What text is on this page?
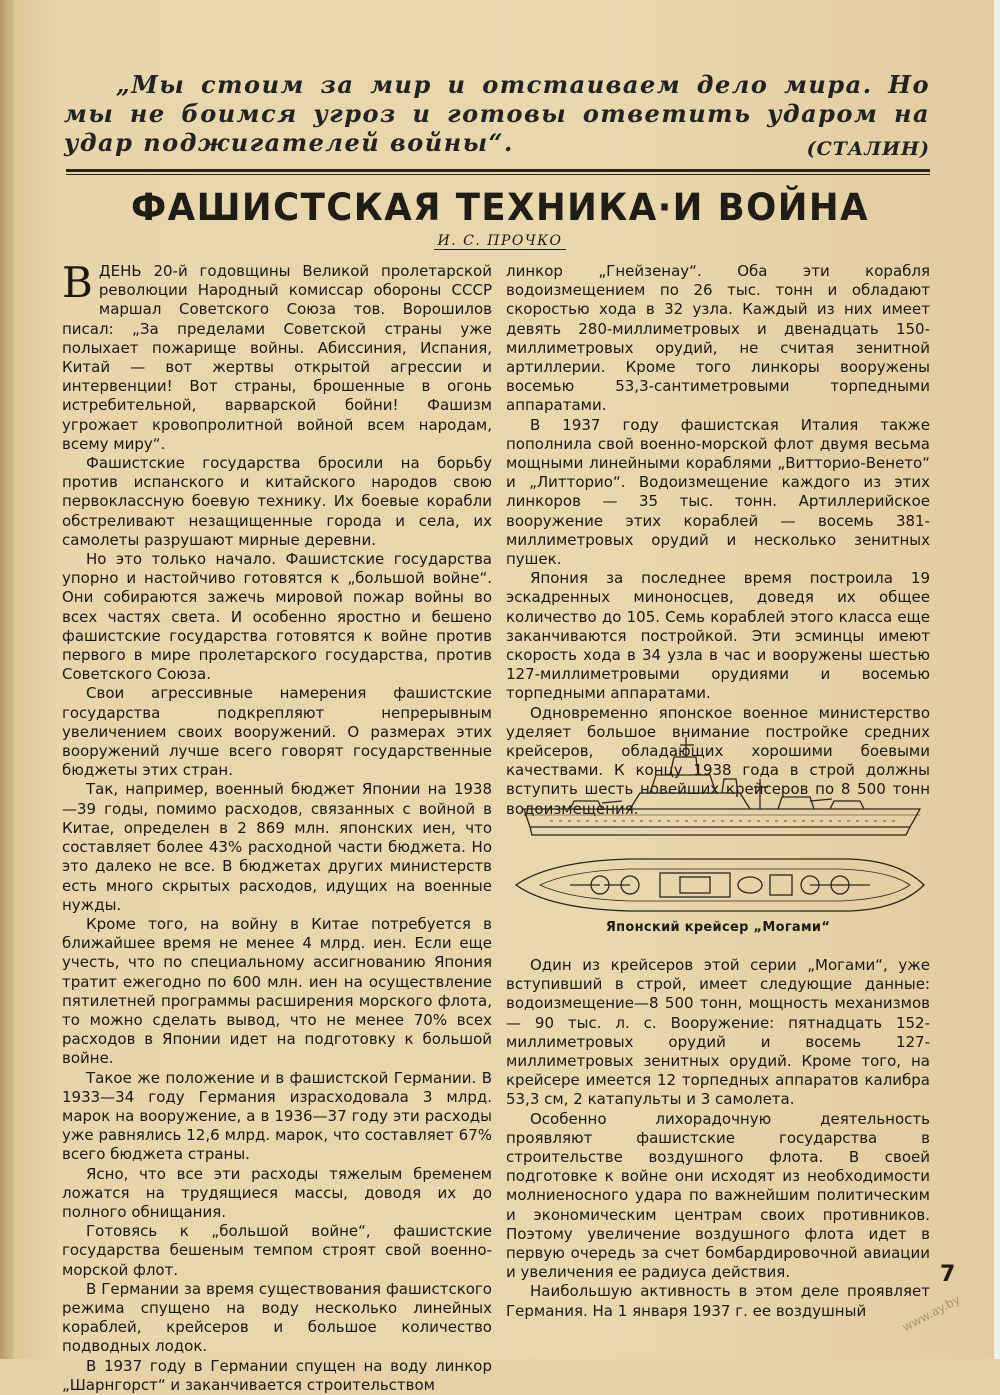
„Мы стоим за мир и отстаиваем дело мира. Но мы не боимся угроз и готовы ответить ударом на удар поджигателей войны“.	(СТАЛИН)
ФАШИСТСКАЯ ТЕХНИКА·И ВОЙНА
И. С. ПРОЧКО

ВДЕНЬ 20-й годовщины Великой пролетарской революции Народный комиссар обороны СССР маршал Советского Союза тов. Ворошилов писал: „За пределами Советской страны уже полыхает пожарище войны. Абиссиния, Испания, Китай — вот жертвы открытой агрессии и интервенции! Вот страны, брошенные в огонь истребительной, варварской бойни! Фашизм угрожает кровопролитной войной всем народам, всему миру“.

Фашистские государства бросили на борьбу против испанского и китайского народов свою первоклассную боевую технику. Их боевые корабли обстреливают незащищенные города и села, их самолеты разрушают мирные деревни.

Но это только начало. Фашистские государства упорно и настойчиво готовятся к „большой войне“. Они собираются зажечь мировой пожар войны во всех частях света. И особенно яростно и бешено фашистские государства готовятся к войне против первого в мире пролетарского государства, против Советского Союза.

Свои агрессивные намерения фашистские государства подкрепляют непрерывным увеличением своих вооружений. О размерах этих вооружений лучше всего говорят государственные бюджеты этих стран.

Так, например, военный бюджет Японии на 1938—39 годы, помимо расходов, связанных с войной в Китае, определен в 2 869 млн. японских иен, что составляет более 43% расходной части бюджета. Но это далеко не все. В бюджетах других министерств есть много скрытых расходов, идущих на военные нужды.

Кроме того, на войну в Китае потребуется в ближайшее время не менее 4 млрд. иен. Если еще учесть, что по специальному ассигнованию Япония тратит ежегодно по 600 млн. иен на осуществление пятилетней программы расширения морского флота, то можно сделать вывод, что не менее 70% всех расходов в Японии идет на подготовку к большой войне.

Такое же положение и в фашистской Германии. В 1933—34 году Германия израсходовала 3 млрд. марок на вооружение, а в 1936—37 году эти расходы уже равнялись 12,6 млрд. марок, что составляет 67% всего бюджета страны.

Ясно, что все эти расходы тяжелым бременем ложатся на трудящиеся массы, доводя их до полного обнищания.

Готовясь к „большой войне“, фашистские государства бешеным темпом строят свой военно-морской флот.

В Германии за время существования фашистского режима спущено на воду несколько линейных кораблей, крейсеров и большое количество подводных лодок.

В 1937 году в Германии спущен на воду линкор „Шарнгорст“ и заканчивается строительством

линкор „Гнейзенау“. Оба эти корабля водоизмещением по 26 тыс. тонн и обладают скоростью хода в 32 узла. Каждый из них имеет девять 280-миллиметровых и двенадцать 150-миллиметровых орудий, не считая зенитной артиллерии. Кроме того линкоры вооружены восемью 53,3-сантиметровыми торпедными аппаратами.

В 1937 году фашистская Италия также пополнила свой военно-морской флот двумя весьма мощными линейными кораблями „Витторио-Венето“ и „Литторио“. Водоизмещение каждого из этих линкоров — 35 тыс. тонн. Артиллерийское вооружение этих кораблей — восемь 381-миллиметровых орудий и несколько зенитных пушек.

Япония за последнее время построила 19 эскадренных миноносцев, доведя их общее количество до 105. Семь кораблей этого класса еще заканчиваются постройкой. Эти эсминцы имеют скорость хода в 34 узла в час и вооружены шестью 127-миллиметровыми орудиями и восемью торпедными аппаратами.

Одновременно японское военное министерство уделяет большое внимание постройке средних крейсеров, обладающих хорошими боевыми качествами. К концу 1938 года в строй должны вступить шесть новейших крейсеров по 8 500 тонн водоизмещения.

Японский крейсер „Могами“

Один из крейсеров этой серии „Могами“, уже вступивший в строй, имеет следующие данные: водоизмещение—8 500 тонн, мощность механизмов — 90 тыс. л. с. Вооружение: пятнадцать 152-миллиметровых орудий и восемь 127-миллиметровых зенитных орудий. Кроме того, на крейсере имеется 12 торпедных аппаратов калибра 53,3 см, 2 катапульты и 3 самолета.

Особенно лихорадочную деятельность проявляют фашистские государства в строительстве воздушного флота. В своей подготовке к войне они исходят из необходимости молниеносного удара по важнейшим политическим и экономическим центрам своих противников. Поэтому увеличение воздушного флота идет в первую очередь за счет бомбардировочной авиации и увеличения ее радиуса действия.

Наибольшую активность в этом деле проявляет Германия. На 1 января 1937 г. ее воздушный

7
www.ay.by
